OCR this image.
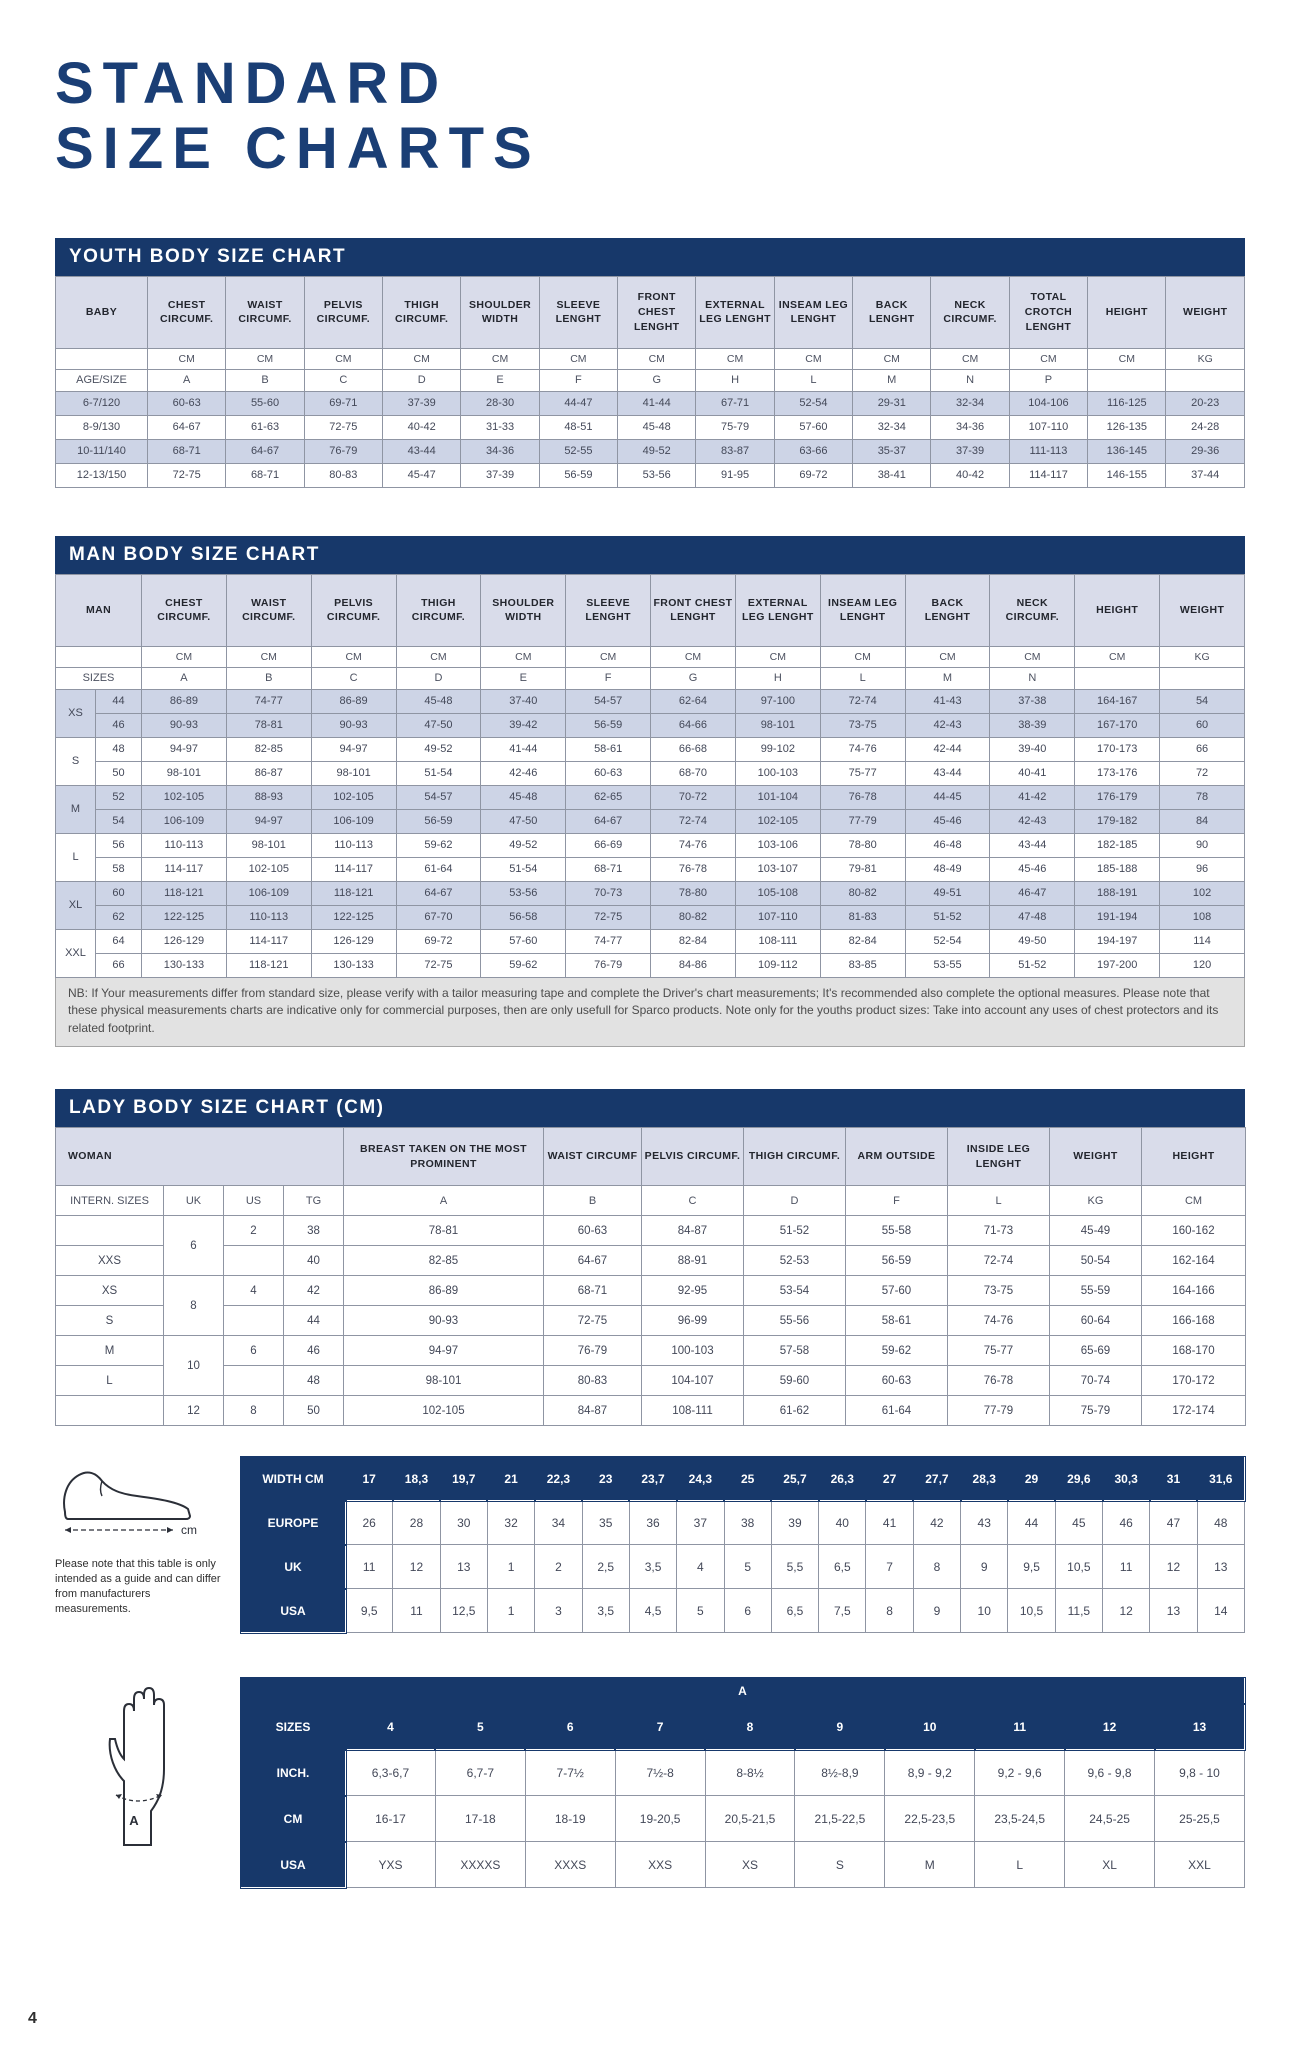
STANDARD
SIZE CHARTS
YOUTH BODY SIZE CHART
BABY	CHEST CIRCUMF.	WAIST CIRCUMF.	PELVIS CIRCUMF.	THIGH CIRCUMF.	SHOULDER WIDTH	SLEEVE LENGHT	FRONT CHEST LENGHT	EXTERNAL LEG LENGHT	INSEAM LEG LENGHT	BACK LENGHT	NECK CIRCUMF.	TOTAL CROTCH LENGHT	HEIGHT	WEIGHT
	CM	CM	CM	CM	CM	CM	CM	CM	CM	CM	CM	CM	CM	KG
AGE/SIZE	A	B	C	D	E	F	G	H	L	M	N	P		
6-7/120	60-63	55-60	69-71	37-39	28-30	44-47	41-44	67-71	52-54	29-31	32-34	104-106	116-125	20-23
8-9/130	64-67	61-63	72-75	40-42	31-33	48-51	45-48	75-79	57-60	32-34	34-36	107-110	126-135	24-28
10-11/140	68-71	64-67	76-79	43-44	34-36	52-55	49-52	83-87	63-66	35-37	37-39	111-113	136-145	29-36
12-13/150	72-75	68-71	80-83	45-47	37-39	56-59	53-56	91-95	69-72	38-41	40-42	114-117	146-155	37-44
MAN BODY SIZE CHART
MAN		CHEST CIRCUMF.	WAIST CIRCUMF.	PELVIS CIRCUMF.	THIGH CIRCUMF.	SHOULDER WIDTH	SLEEVE LENGHT	FRONT CHEST LENGHT	EXTERNAL LEG LENGHT	INSEAM LEG LENGHT	BACK LENGHT	NECK CIRCUMF.	HEIGHT	WEIGHT
		CM	CM	CM	CM	CM	CM	CM	CM	CM	CM	CM	CM	KG
SIZES		A	B	C	D	E	F	G	H	L	M	N		
XS	44	86-89	74-77	86-89	45-48	37-40	54-57	62-64	97-100	72-74	41-43	37-38	164-167	54
	46	90-93	78-81	90-93	47-50	39-42	56-59	64-66	98-101	73-75	42-43	38-39	167-170	60
S	48	94-97	82-85	94-97	49-52	41-44	58-61	66-68	99-102	74-76	42-44	39-40	170-173	66
	50	98-101	86-87	98-101	51-54	42-46	60-63	68-70	100-103	75-77	43-44	40-41	173-176	72
M	52	102-105	88-93	102-105	54-57	45-48	62-65	70-72	101-104	76-78	44-45	41-42	176-179	78
	54	106-109	94-97	106-109	56-59	47-50	64-67	72-74	102-105	77-79	45-46	42-43	179-182	84
L	56	110-113	98-101	110-113	59-62	49-52	66-69	74-76	103-106	78-80	46-48	43-44	182-185	90
	58	114-117	102-105	114-117	61-64	51-54	68-71	76-78	103-107	79-81	48-49	45-46	185-188	96
XL	60	118-121	106-109	118-121	64-67	53-56	70-73	78-80	105-108	80-82	49-51	46-47	188-191	102
	62	122-125	110-113	122-125	67-70	56-58	72-75	80-82	107-110	81-83	51-52	47-48	191-194	108
XXL	64	126-129	114-117	126-129	69-72	57-60	74-77	82-84	108-111	82-84	52-54	49-50	194-197	114
	66	130-133	118-121	130-133	72-75	59-62	76-79	84-86	109-112	83-85	53-55	51-52	197-200	120
NB: If Your measurements differ from standard size, please verify with a tailor measuring tape and complete the Driver's chart measurements; It's recommended also complete the optional measures. Please note that these physical measurements charts are indicative only for commercial purposes, then are only usefull for Sparco products. Note only for the youths product sizes: Take into account any uses of chest protectors and its related footprint.
LADY BODY SIZE CHART (CM)
WOMAN				BREAST TAKEN ON THE MOST PROMINENT	WAIST CIRCUMF	PELVIS CIRCUMF.	THIGH CIRCUMF.	ARM OUTSIDE	INSIDE LEG LENGHT	WEIGHT	HEIGHT
INTERN. SIZES	UK	US	TG	A	B	C	D	F	L	KG	CM
	6	2	38	78-81	60-63	84-87	51-52	55-58	71-73	45-49	160-162
XXS			40	82-85	64-67	88-91	52-53	56-59	72-74	50-54	162-164
XS	8	4	42	86-89	68-71	92-95	53-54	57-60	73-75	55-59	164-166
S			44	90-93	72-75	96-99	55-56	58-61	74-76	60-64	166-168
M	10	6	46	94-97	76-79	100-103	57-58	59-62	75-77	65-69	168-170
L			48	98-101	80-83	104-107	59-60	60-63	76-78	70-74	170-172
	12	8	50	102-105	84-87	108-111	61-62	61-64	77-79	75-79	172-174
cm

Please note that this table is only intended as a guide and can differ from manufacturers measurements.

WIDTH CM	17	18,3	19,7	21	22,3	23	23,7	24,3	25	25,7	26,3	27	27,7	28,3	29	29,6	30,3	31	31,6
EUROPE	26	28	30	32	34	35	36	37	38	39	40	41	42	43	44	45	46	47	48
UK	11	12	13	1	2	2,5	3,5	4	5	5,5	6,5	7	8	9	9,5	10,5	11	12	13
USA	9,5	11	12,5	1	3	3,5	4,5	5	6	6,5	7,5	8	9	10	10,5	11,5	12	13	14
A
A										
SIZES	4	5	6	7	8	9	10	11	12	13
INCH.	6,3-6,7	6,7-7	7-7½	7½-8	8-8½	8½-8,9	8,9 - 9,2	9,2 - 9,6	9,6 - 9,8	9,8 - 10
CM	16-17	17-18	18-19	19-20,5	20,5-21,5	21,5-22,5	22,5-23,5	23,5-24,5	24,5-25	25-25,5
USA	YXS	XXXXS	XXXS	XXS	XS	S	M	L	XL	XXL
4
